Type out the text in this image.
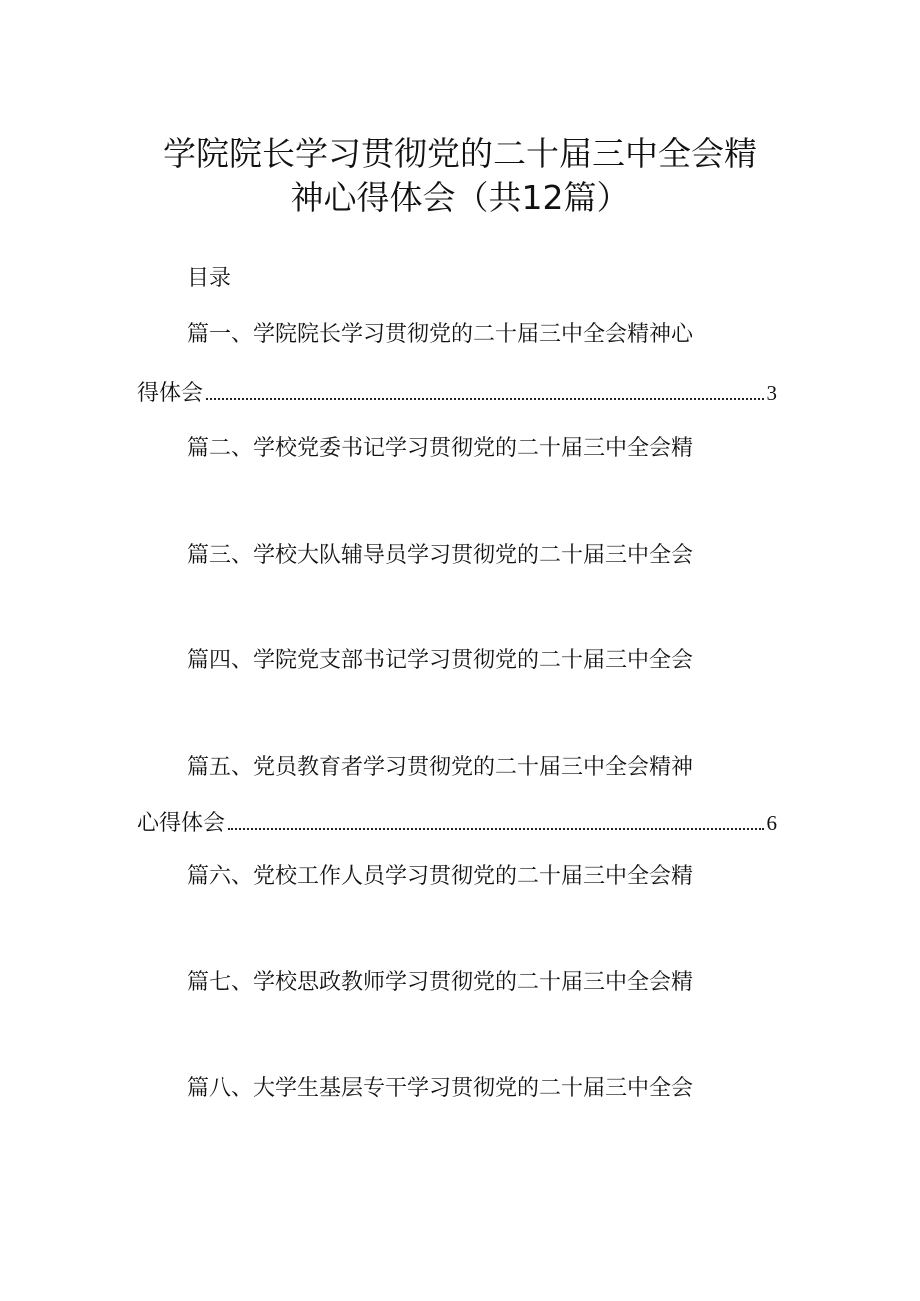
学院院长学习贯彻党的二十届三中全会精
神心得体会（共12篇）
目录
篇一、学院院长学习贯彻党的二十届三中全会精神心
得体会	3
篇二、学校党委书记学习贯彻党的二十届三中全会精
篇三、学校大队辅导员学习贯彻党的二十届三中全会
篇四、学院党支部书记学习贯彻党的二十届三中全会
篇五、党员教育者学习贯彻党的二十届三中全会精神
心得体会	6
篇六、党校工作人员学习贯彻党的二十届三中全会精
篇七、学校思政教师学习贯彻党的二十届三中全会精
篇八、大学生基层专干学习贯彻党的二十届三中全会
